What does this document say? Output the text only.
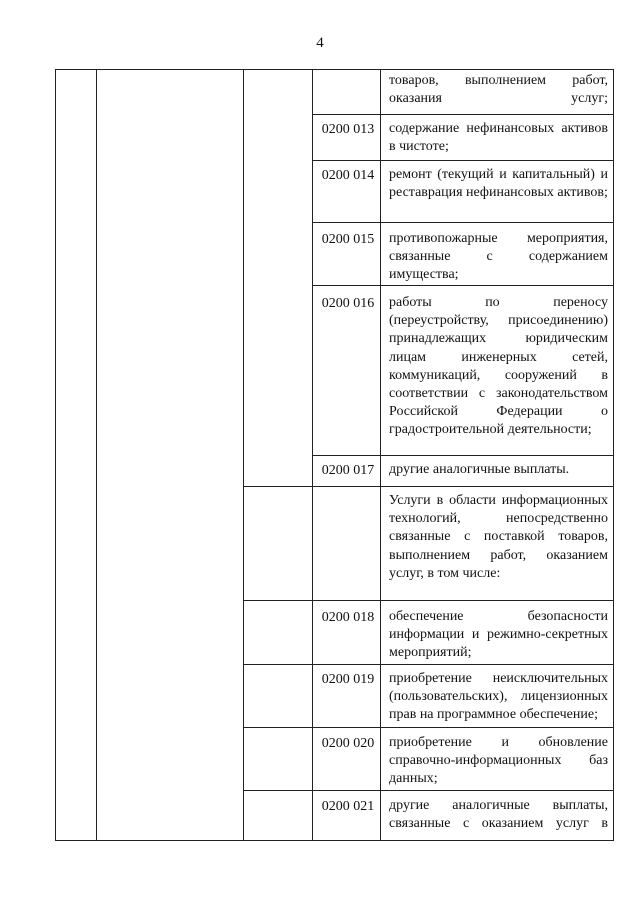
4
товаров, выполнением работ, оказания услуг;
0200 013	содержание нефинансовых активов в чистоте;
0200 014	ремонт (текущий и капитальный) и реставрация нефинансовых активов;
0200 015	противопожарные мероприятия, связанные с содержанием имущества;
0200 016	работы по переносу (переустройству, присоединению) принадлежащих юридическим лицам инженерных сетей, коммуникаций, сооружений в соответствии с законодательством Российской Федерации о градостроительной деятельности;
0200 017	другие аналогичные выплаты.
Услуги в области информационных технологий, непосредственно связанные с поставкой товаров, выполнением работ, оказанием услуг, в том числе:
0200 018	обеспечение безопасности информации и режимно-секретных мероприятий;
0200 019	приобретение неисключительных (пользовательских), лицензионных прав на программное обеспечение;
0200 020	приобретение и обновление справочно-информационных баз данных;
0200 021	другие аналогичные выплаты, связанные с оказанием услуг в
